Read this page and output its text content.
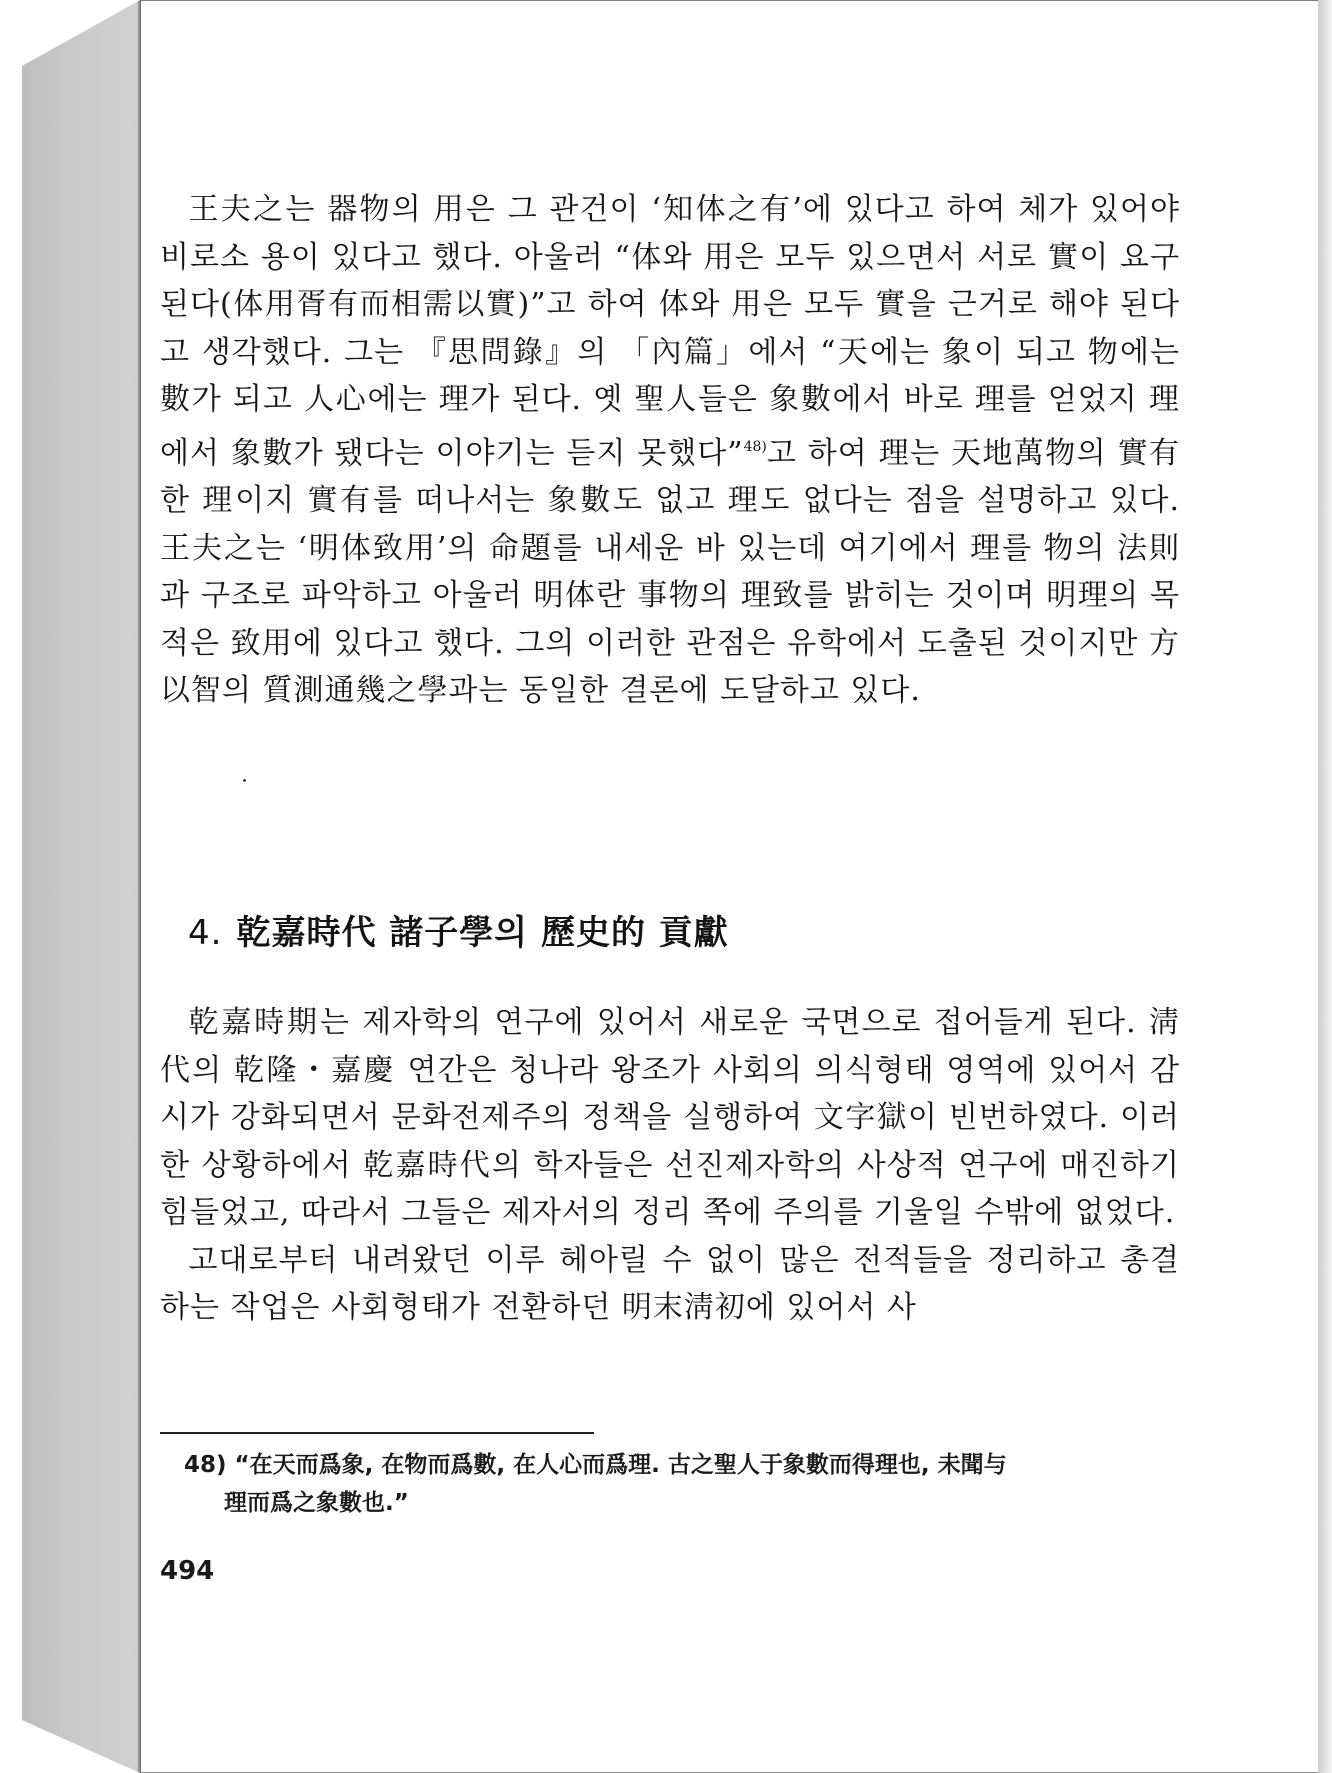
王夫之는 器物의 用은 그 관건이 ‘知体之有’에 있다고 하여 체가 있어야 비로소 용이 있다고 했다. 아울러 “体와 用은 모두 있으면서 서로 實이 요구된다(体用胥有而相需以實)”고 하여 体와 用은 모두 實을 근거로 해야 된다고 생각했다. 그는 『思問錄』의 「內篇」에서 “天에는 象이 되고 物에는 數가 되고 人心에는 理가 된다. 옛 聖人들은 象數에서 바로 理를 얻었지 理에서 象數가 됐다는 이야기는 듣지 못했다”$^{48)}$고 하여 理는 天地萬物의 實有한 理이지 實有를 떠나서는 象數도 없고 理도 없다는 점을 설명하고 있다. 王夫之는 ‘明体致用’의 命題를 내세운 바 있는데 여기에서 理를 物의 法則과 구조로 파악하고 아울러 明体란 事物의 理致를 밝히는 것이며 明理의 목적은 致用에 있다고 했다. 그의 이러한 관점은 유학에서 도출된 것이지만 方以智의 質測通幾之學과는 동일한 결론에 도달하고 있다.

4. 乾嘉時代 諸子學의 歷史的 貢獻

乾嘉時期는 제자학의 연구에 있어서 새로운 국면으로 접어들게 된다. 淸代의 乾隆・嘉慶 연간은 청나라 왕조가 사회의 의식형태 영역에 있어서 감시가 강화되면서 문화전제주의 정책을 실행하여 文字獄이 빈번하였다. 이러한 상황하에서 乾嘉時代의 학자들은 선진제자학의 사상적 연구에 매진하기 힘들었고, 따라서 그들은 제자서의 정리 쪽에 주의를 기울일 수밖에 없었다.

고대로부터 내려왔던 이루 헤아릴 수 없이 많은 전적들을 정리하고 총결하는 작업은 사회형태가 전환하던 明末淸初에 있어서 사

48) “在天而爲象, 在物而爲數, 在人心而爲理. 古之聖人于象數而得理也, 未聞与
理而爲之象數也.”
494
